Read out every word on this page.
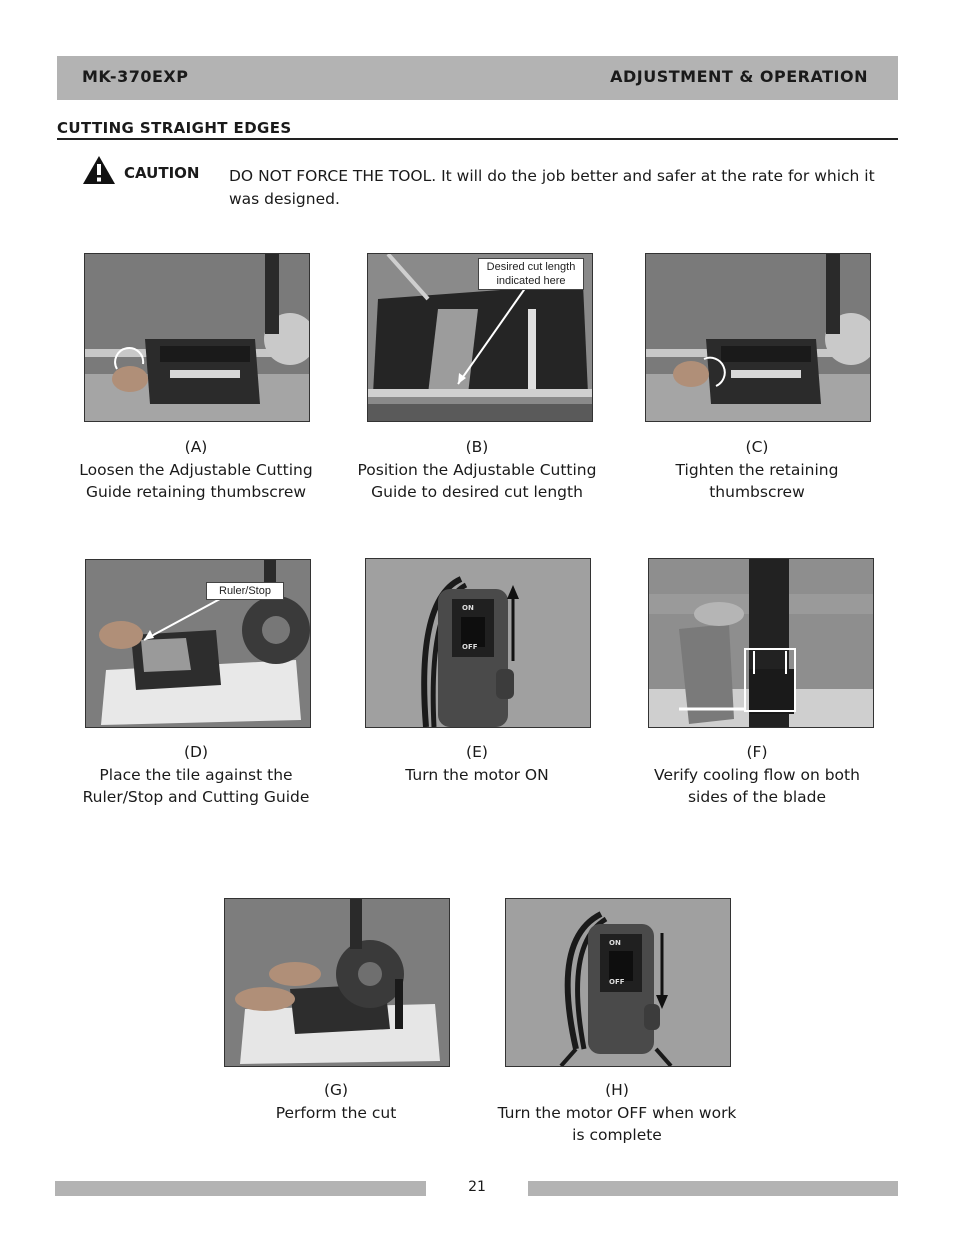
MK-370EXP	ADJUSTMENT & OPERATION
CUTTING STRAIGHT EDGES
CAUTION DO NOT FORCE THE TOOL. It will do the job better and safer at the rate for which it was designed.
Desired cut length indicated here
Ruler/Stop
ON
OFF
ON
OFF
(A)
Loosen the Adjustable Cutting Guide retaining thumbscrew
(B)
Position the Adjustable Cutting Guide to desired cut length
(C)
Tighten the retaining thumbscrew
(D)
Place the tile against the Ruler/Stop and Cutting Guide
(E)
Turn the motor ON
(F)
Verify cooling flow on both sides of the blade
(G)
Perform the cut
(H)
Turn the motor OFF when work is complete
21
